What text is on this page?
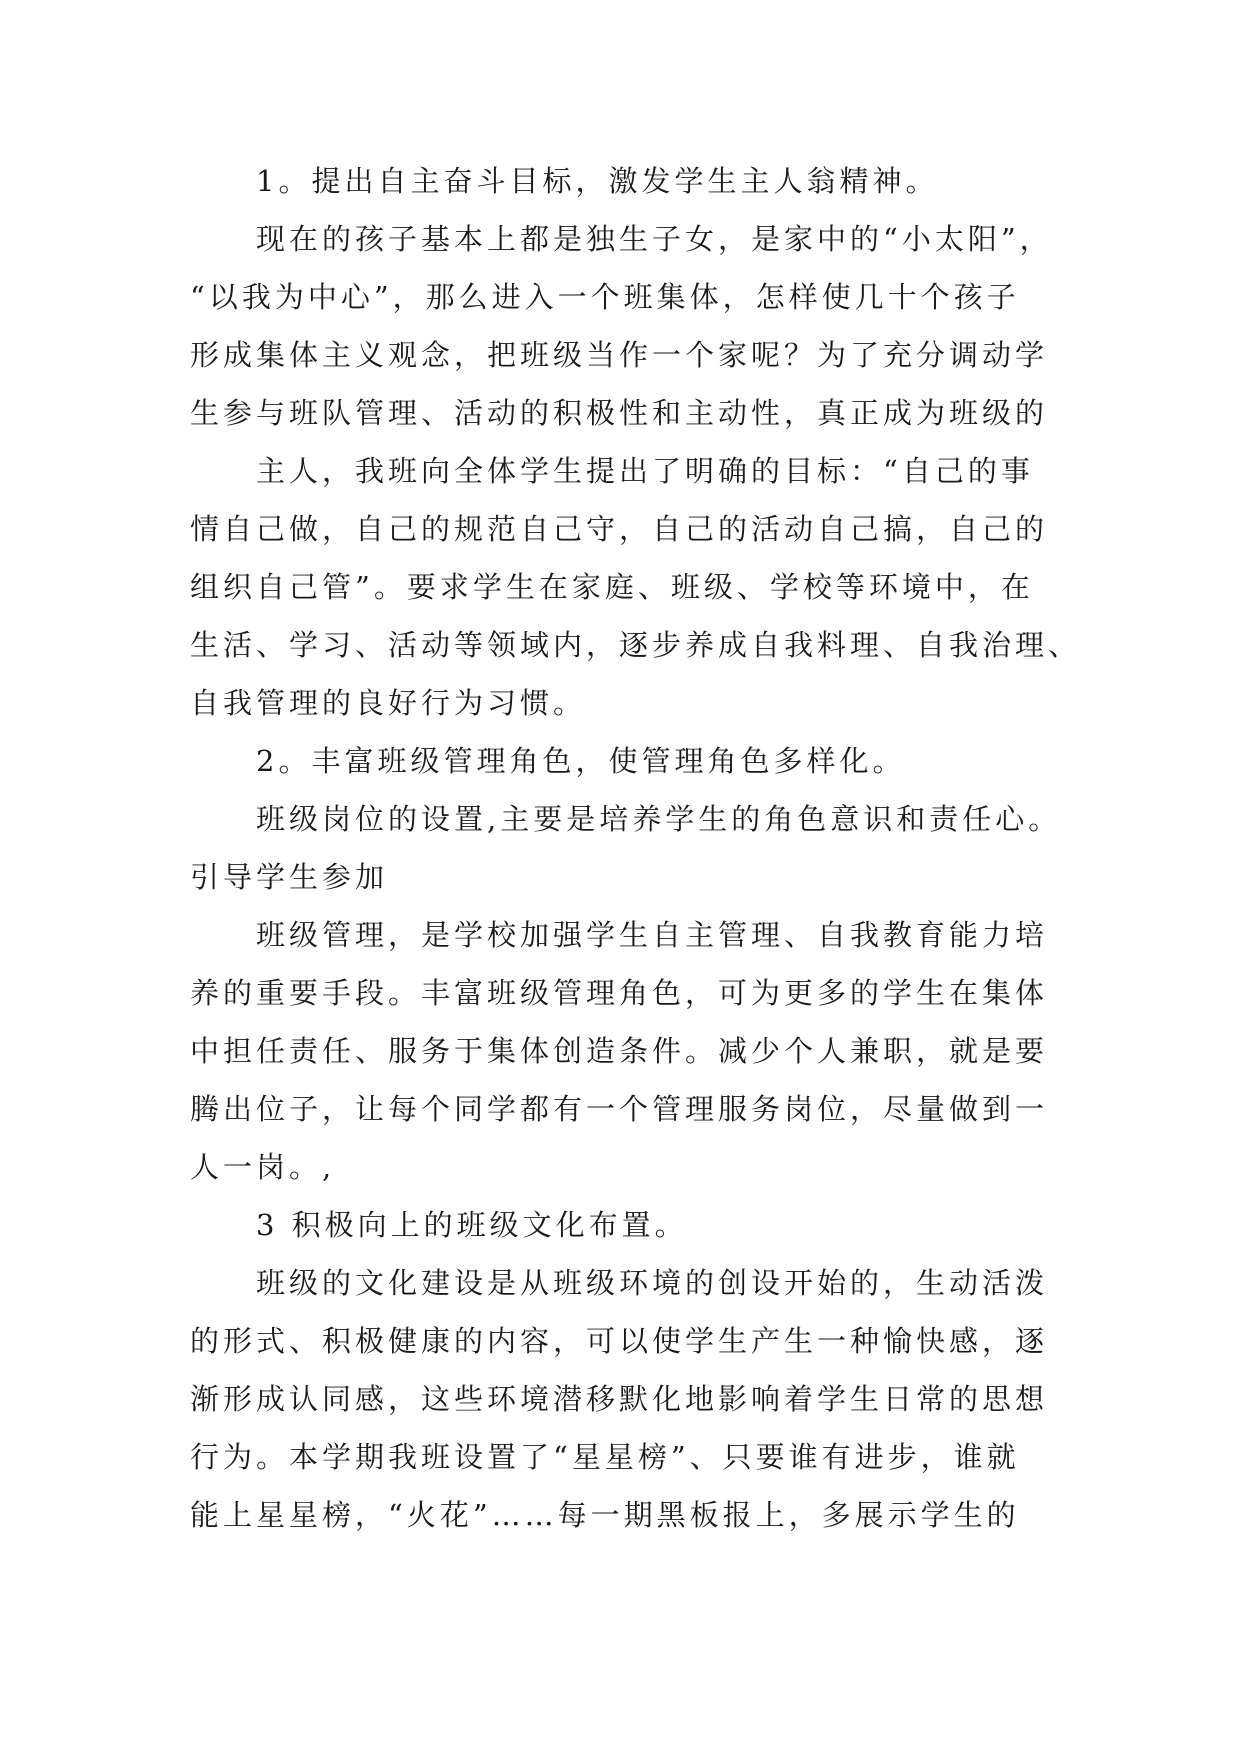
1。提出自主奋斗目标，激发学生主人翁精神。
现在的孩子基本上都是独生子女，是家中的“小太阳”，
“以我为中心”，那么进入一个班集体，怎样使几十个孩子
形成集体主义观念，把班级当作一个家呢？为了充分调动学
生参与班队管理、活动的积极性和主动性，真正成为班级的
主人，我班向全体学生提出了明确的目标：“自己的事
情自己做，自己的规范自己守，自己的活动自己搞，自己的
组织自己管”。要求学生在家庭、班级、学校等环境中，在
生活、学习、活动等领域内，逐步养成自我料理、自我治理、
自我管理的良好行为习惯。
2。丰富班级管理角色，使管理角色多样化。
班级岗位的设置,主要是培养学生的角色意识和责任心。
引导学生参加
班级管理，是学校加强学生自主管理、自我教育能力培
养的重要手段。丰富班级管理角色，可为更多的学生在集体
中担任责任、服务于集体创造条件。减少个人兼职，就是要
腾出位子，让每个同学都有一个管理服务岗位，尽量做到一
人一岗。,
3 积极向上的班级文化布置。
班级的文化建设是从班级环境的创设开始的，生动活泼
的形式、积极健康的内容，可以使学生产生一种愉快感，逐
渐形成认同感，这些环境潜移默化地影响着学生日常的思想
行为。本学期我班设置了“星星榜”、只要谁有进步，谁就
能上星星榜，“火花”……每一期黑板报上，多展示学生的
